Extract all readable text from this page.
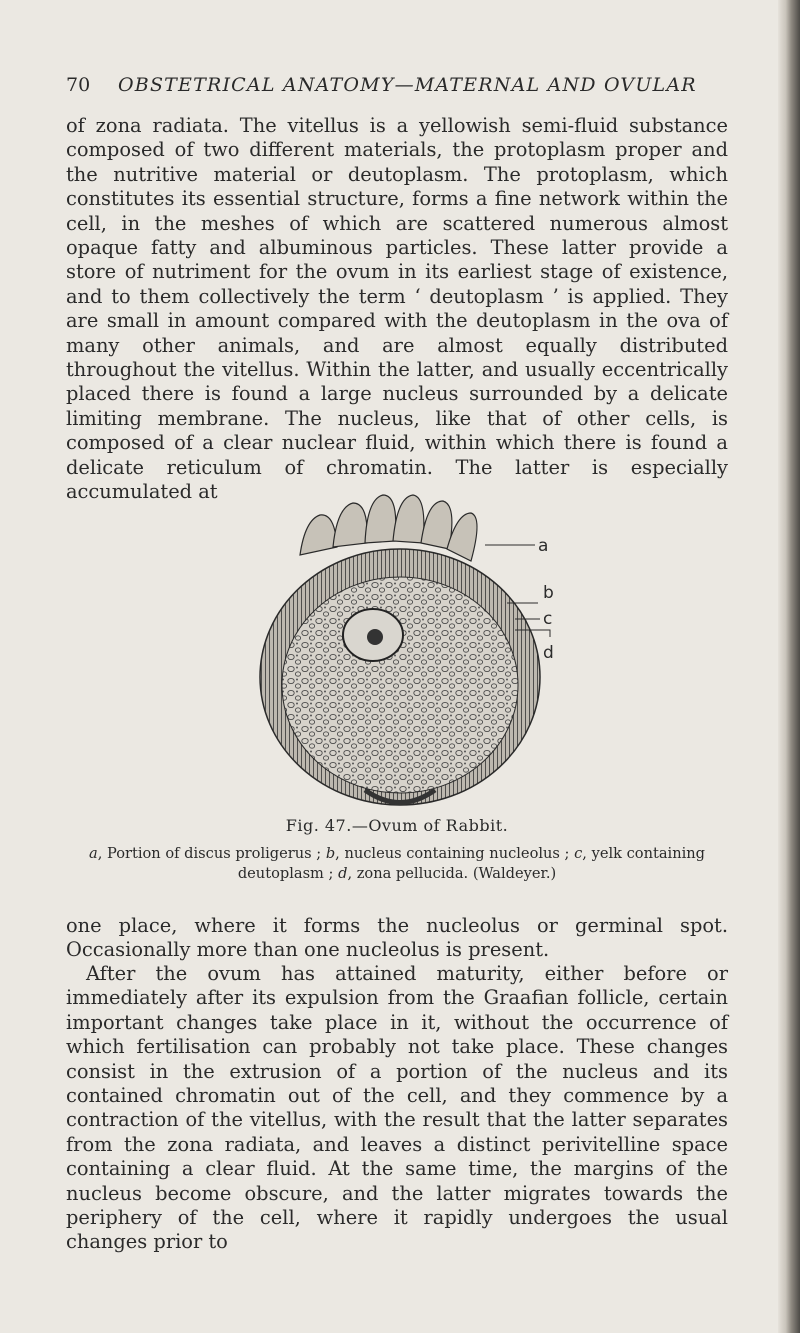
70 OBSTETRICAL ANATOMY—MATERNAL AND OVULAR

of zona radiata. The vitellus is a yellowish semi-fluid substance composed of two different materials, the protoplasm proper and the nutritive material or deutoplasm. The protoplasm, which constitutes its essential structure, forms a fine network within the cell, in the meshes of which are scattered numerous almost opaque fatty and albuminous particles. These latter provide a store of nutriment for the ovum in its earliest stage of existence, and to them collectively the term ‘ deutoplasm ’ is applied. They are small in amount compared with the deutoplasm in the ova of many other animals, and are almost equally distributed throughout the vitellus. Within the latter, and usually eccentrically placed there is found a large nucleus surrounded by a delicate limiting membrane. The nucleus, like that of other cells, is composed of a clear nuclear fluid, within which there is found a delicate reticulum of chromatin. The latter is especially accumulated at

a
b
c
d
Fig. 47.—Ovum of Rabbit.

a, Portion of discus proligerus ; b, nucleus containing nucleolus ; c, yelk containing deutoplasm ; d, zona pellucida. (Waldeyer.)

one place, where it forms the nucleolus or germinal spot. Occasionally more than one nucleolus is present.

After the ovum has attained maturity, either before or immediately after its expulsion from the Graafian follicle, certain important changes take place in it, without the occurrence of which fertilisation can probably not take place. These changes consist in the extrusion of a portion of the nucleus and its contained chromatin out of the cell, and they commence by a contraction of the vitellus, with the result that the latter separates from the zona radiata, and leaves a distinct perivitelline space containing a clear fluid. At the same time, the margins of the nucleus become obscure, and the latter migrates towards the periphery of the cell, where it rapidly undergoes the usual changes prior to
